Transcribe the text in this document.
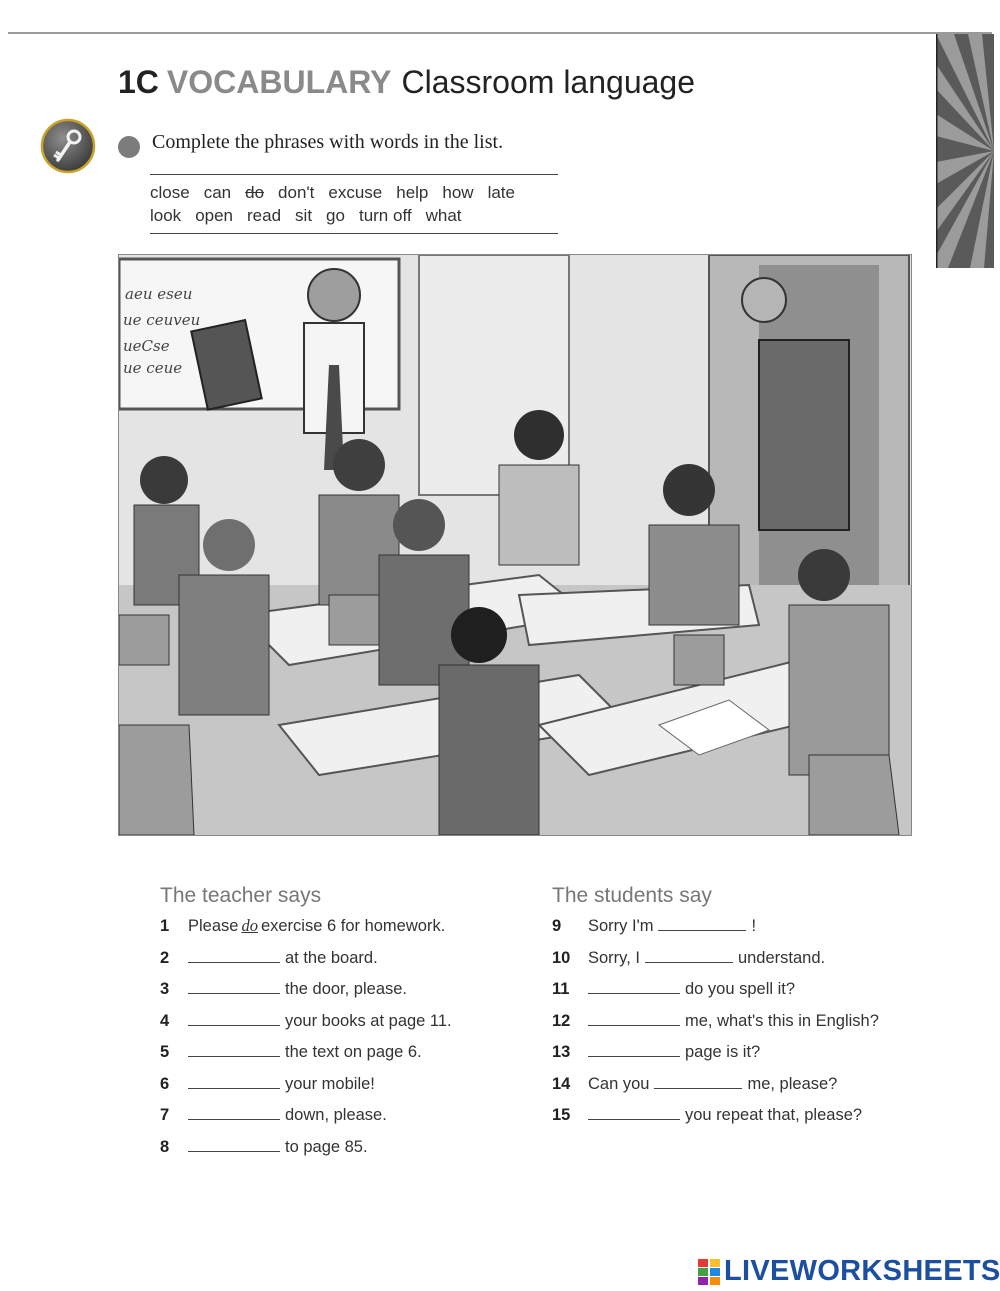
1C VOCABULARY Classroom language
Complete the phrases with words in the list.
close can do don't excuse help how late
look open read sit go turn off what
aeu eseu
ue ceuveu
ueCse
ue ceue
The teacher says	The students say
1	Please do exercise 6 for homework.
2	at the board.
3	the door, please.
4	your books at page 11.
5	the text on page 6.
6	your mobile!
7	down, please.
8	to page 85.
9	Sorry I'm	!
10	Sorry, I	understand.
11	do you spell it?
12	me, what's this in English?
13	page is it?
14	Can you	me, please?
15	you repeat that, please?
LIVEWORKSHEETS
